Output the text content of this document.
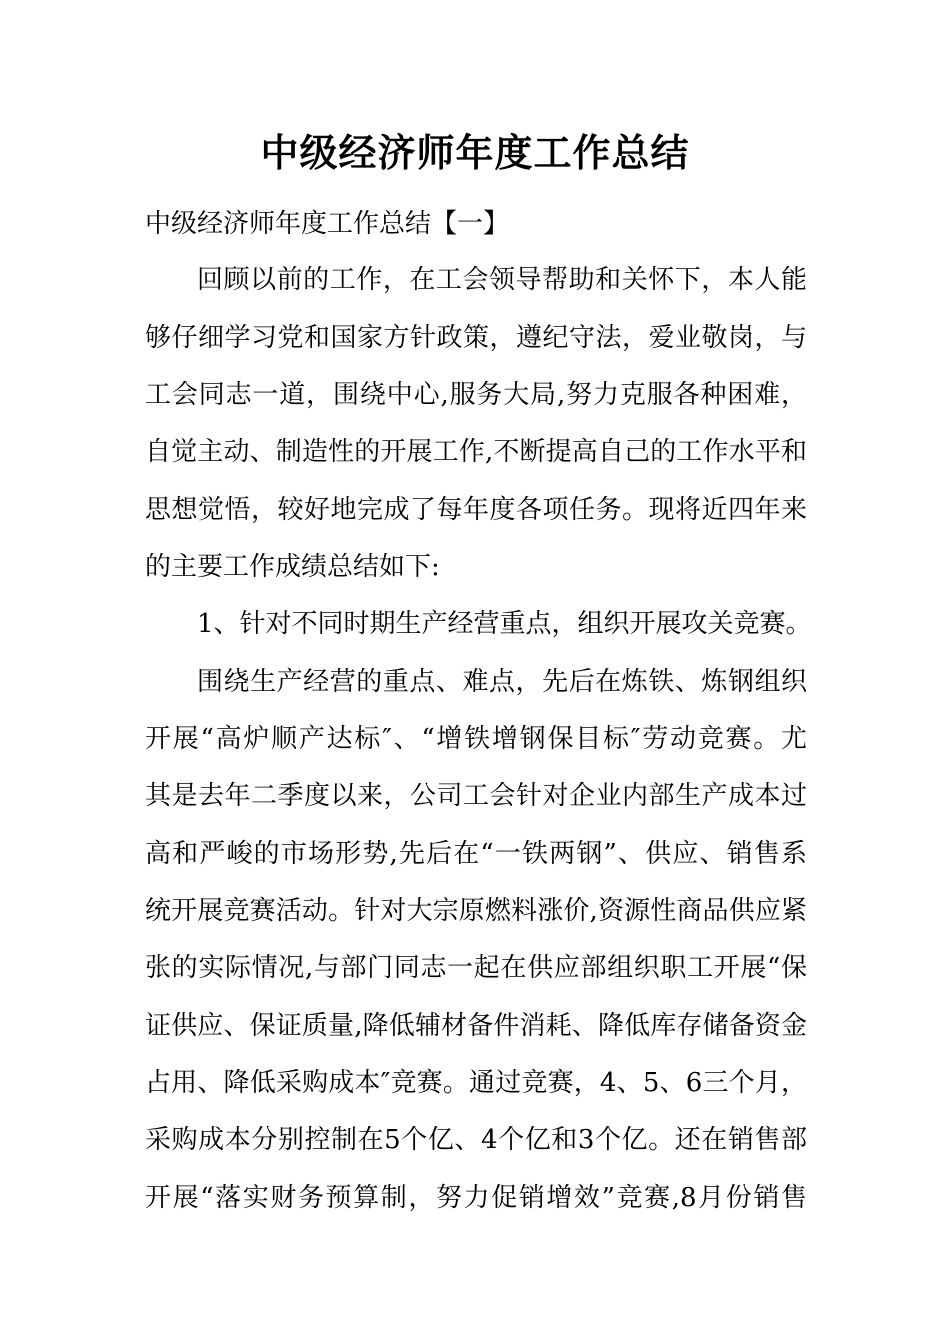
中级经济师年度工作总结
中级经济师年度工作总结【一】
回顾以前的工作，在工会领导帮助和关怀下，本人能
够仔细学习党和国家方针政策，遵纪守法，爱业敬岗，与
工会同志一道，围绕中心,服务大局,努力克服各种困难，
自觉主动、制造性的开展工作,不断提高自己的工作水平和
思想觉悟，较好地完成了每年度各项任务。现将近四年来
的主要工作成绩总结如下:
1、针对不同时期生产经营重点，组织开展攻关竞赛。
围绕生产经营的重点、难点，先后在炼铁、炼钢组织
开展“高炉顺产达标″、“增铁增钢保目标″劳动竞赛。尤
其是去年二季度以来，公司工会针对企业内部生产成本过
高和严峻的市场形势,先后在“一铁两钢”、供应、销售系
统开展竞赛活动。针对大宗原燃料涨价,资源性商品供应紧
张的实际情况,与部门同志一起在供应部组织职工开展“保
证供应、保证质量,降低辅材备件消耗、降低库存储备资金
占用、降低采购成本″竞赛。通过竞赛，4、5、6三个月，
采购成本分别控制在5个亿、4个亿和3个亿。还在销售部
开展“落实财务预算制，努力促销增效”竞赛,8月份销售
